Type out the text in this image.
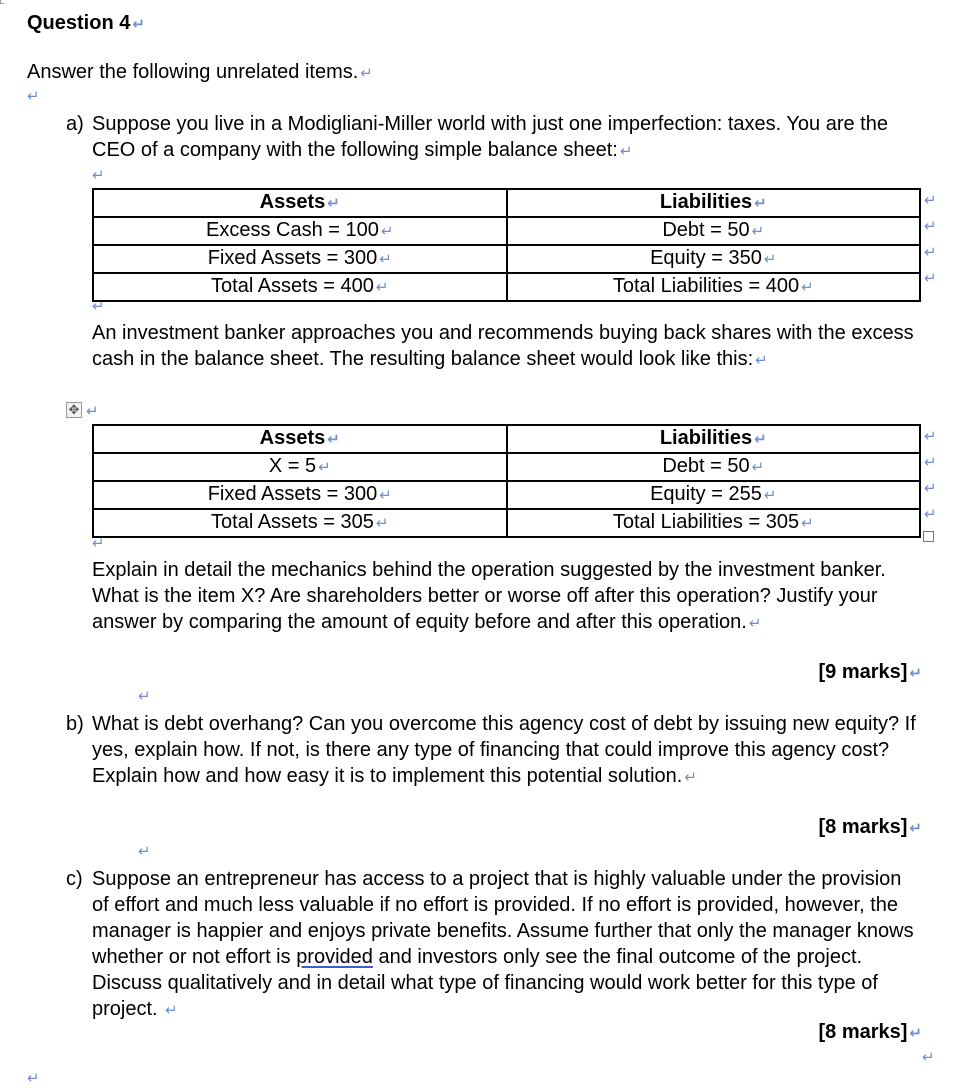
Question 4 ↵
Answer the following unrelated items. ↵
↵
a) Suppose you live in a Modigliani-Miller world with just one imperfection: taxes. You are the CEO of a company with the following simple balance sheet: ↵
↵
Assets ↵	Liabilities ↵
Excess Cash = 100 ↵	Debt = 50 ↵
Fixed Assets = 300 ↵	Equity = 350 ↵
Total Assets = 400 ↵	Total Liabilities = 400 ↵
↵
↵
↵
↵
↵
An investment banker approaches you and recommends buying back shares with the excess cash in the balance sheet. The resulting balance sheet would look like this: ↵
✥ ↵
Assets ↵	Liabilities ↵
X = 5 ↵	Debt = 50 ↵
Fixed Assets = 300 ↵	Equity = 255 ↵
Total Assets = 305 ↵	Total Liabilities = 305 ↵
↵
↵
↵
↵
↵
Explain in detail the mechanics behind the operation suggested by the investment banker. What is the item X? Are shareholders better or worse off after this operation? Justify your answer by comparing the amount of equity before and after this operation. ↵
[9 marks] ↵
↵
b) What is debt overhang? Can you overcome this agency cost of debt by issuing new equity? If yes, explain how. If not, is there any type of financing that could improve this agency cost? Explain how and how easy it is to implement this potential solution. ↵
[8 marks] ↵
↵
c) Suppose an entrepreneur has access to a project that is highly valuable under the provision of effort and much less valuable if no effort is provided. If no effort is provided, however, the manager is happier and enjoys private benefits. Assume further that only the manager knows whether or not effort is provided and investors only see the final outcome of the project. Discuss qualitatively and in detail what type of financing would work better for this type of project. ↵
[8 marks] ↵
↵
↵
